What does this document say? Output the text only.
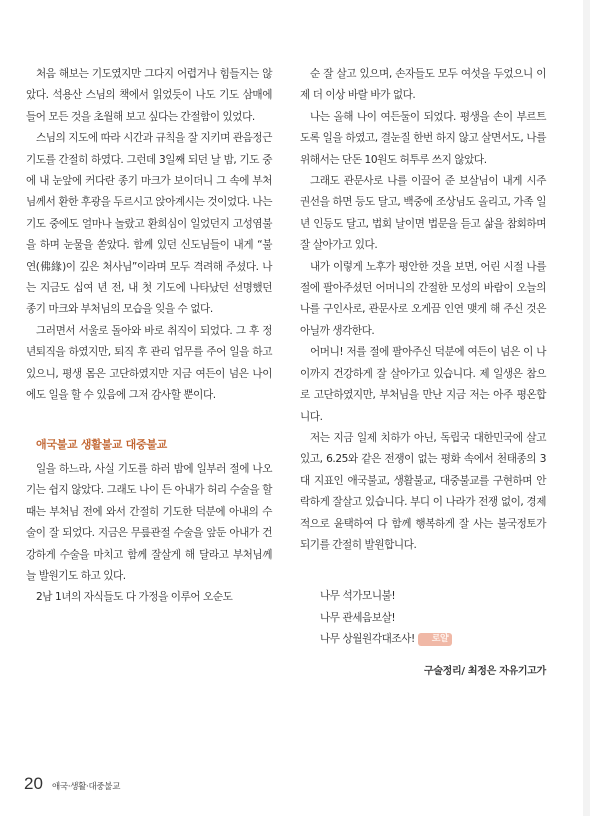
처음 해보는 기도였지만 그다지 어렵거나 힘들지는 않았다. 석용산 스님의 책에서 읽었듯이 나도 기도 삼매에 들어 모든 것을 초월해 보고 싶다는 간절함이 있었다.

스님의 지도에 따라 시간과 규칙을 잘 지키며 관음정근 기도를 간절히 하였다. 그런데 3일째 되던 날 밤, 기도 중에 내 눈앞에 커다란 종기 마크가 보이더니 그 속에 부처님께서 환한 후광을 두르시고 앉아계시는 것이었다. 나는 기도 중에도 얼마나 놀랐고 환희심이 일었던지 고성염불을 하며 눈물을 쏟았다. 함께 있던 신도님들이 내게 “불연(佛緣)이 깊은 처사님”이라며 모두 격려해 주셨다. 나는 지금도 십여 년 전, 내 첫 기도에 나타났던 선명했던 종기 마크와 부처님의 모습을 잊을 수 없다.

그러면서 서울로 돌아와 바로 취직이 되었다. 그 후 정년퇴직을 하였지만, 퇴직 후 관리 업무를 주어 일을 하고 있으니, 평생 몸은 고단하였지만 지금 여든이 넘은 나이에도 일을 할 수 있음에 그저 감사할 뿐이다.

애국불교 생활불교 대중불교

일을 하느라, 사실 기도를 하러 밤에 일부러 절에 나오기는 쉽지 않았다. 그래도 나이 든 아내가 허리 수술을 할 때는 부처님 전에 와서 간절히 기도한 덕분에 아내의 수술이 잘 되었다. 지금은 무릎관절 수술을 앞둔 아내가 건강하게 수술을 마치고 함께 잘살게 해 달라고 부처님께 늘 발원기도 하고 있다.

2남 1녀의 자식들도 다 가정을 이루어 오순도

순 잘 살고 있으며, 손자들도 모두 여섯을 두었으니 이제 더 이상 바랄 바가 없다.

나는 올해 나이 여든둘이 되었다. 평생을 손이 부르트도록 일을 하였고, 결눈질 한번 하지 않고 살면서도, 나를 위해서는 단돈 10원도 허투루 쓰지 않았다.

그래도 관문사로 나를 이끌어 준 보살님이 내게 시주 권선을 하면 등도 달고, 백중에 조상님도 올리고, 가족 일 년 인등도 달고, 법회 날이면 법문을 듣고 삶을 참회하며 잘 살아가고 있다.

내가 이렇게 노후가 평안한 것을 보면, 어린 시절 나를 절에 팔아주셨던 어머니의 간절한 모성의 바람이 오늘의 나를 구인사로, 관문사로 오게끔 인연 맺게 해 주신 것은 아닐까 생각한다.

어머니! 저를 절에 팔아주신 덕분에 여든이 넘은 이 나이까지 건강하게 잘 살아가고 있습니다. 제 일생은 참으로 고단하였지만, 부처님을 만난 지금 저는 아주 평온합니다.

저는 지금 일제 치하가 아닌, 독립국 대한민국에 살고 있고, 6.25와 같은 전쟁이 없는 평화 속에서 천태종의 3대 지표인 애국불교, 생활불교, 대중불교를 구현하며 안락하게 잘살고 있습니다. 부디 이 나라가 전쟁 없이, 경제적으로 윤택하여 다 함께 행복하게 잘 사는 불국정토가 되기를 간절히 발원합니다.

나무 석가모니불!

나무 관세음보살!

나무 상월원각대조사! 로얄

구술정리/ 최정은 자유기고가
20 애국·생활·대중불교
